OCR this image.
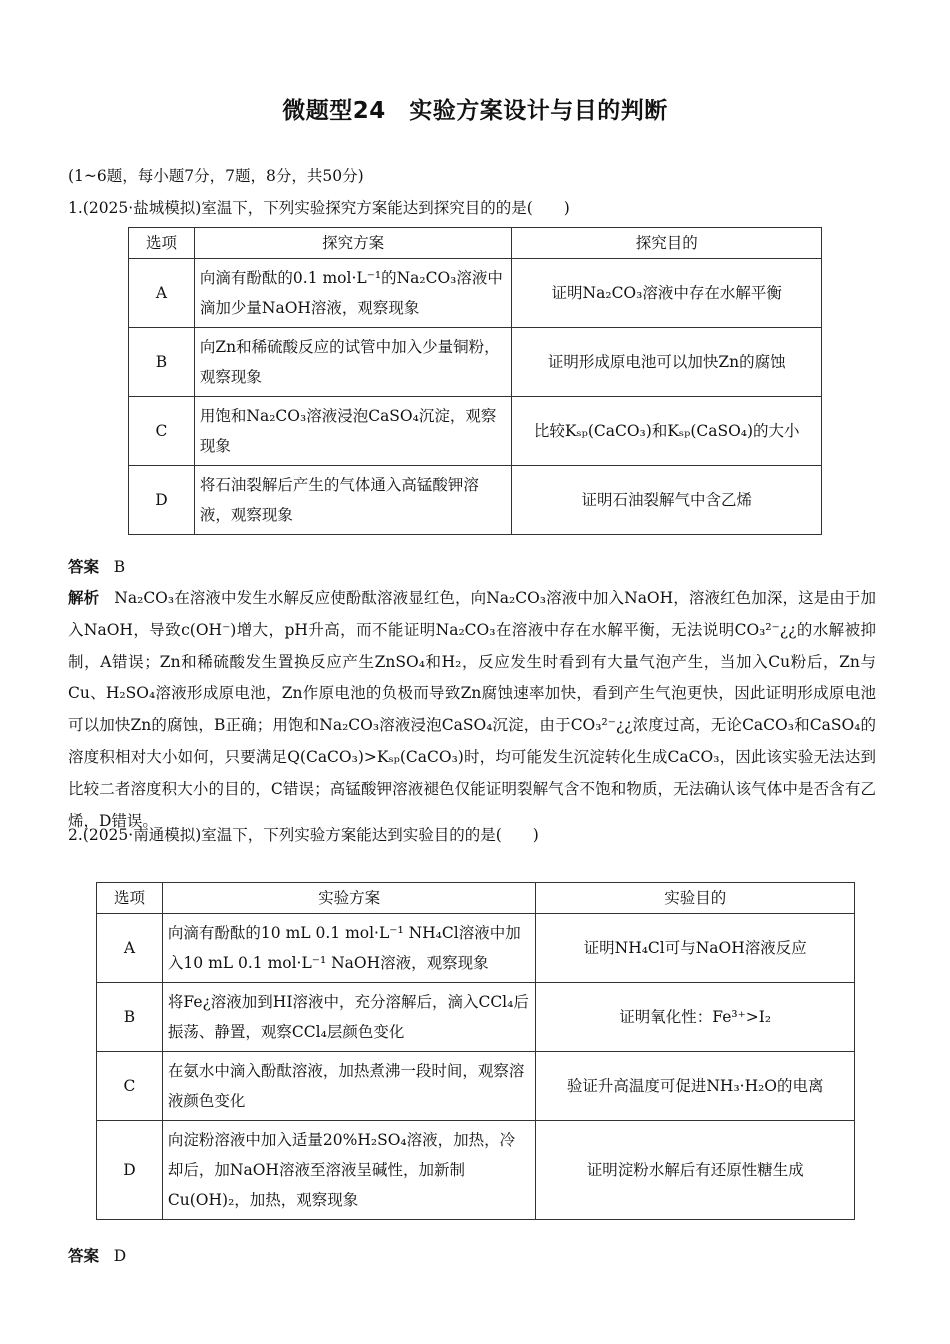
微题型24　实验方案设计与目的判断
(1~6题，每小题7分，7题，8分，共50分)
1.(2025·盐城模拟)室温下，下列实验探究方案能达到探究目的的是(　　)
选项	探究方案	探究目的
A	向滴有酚酞的0.1 mol·L⁻¹的Na₂CO₃溶液中滴加少量NaOH溶液，观察现象	证明Na₂CO₃溶液中存在水解平衡
B	向Zn和稀硫酸反应的试管中加入少量铜粉，观察现象	证明形成原电池可以加快Zn的腐蚀
C	用饱和Na₂CO₃溶液浸泡CaSO₄沉淀，观察现象	比较Kₛₚ(CaCO₃)和Kₛₚ(CaSO₄)的大小
D	将石油裂解后产生的气体通入高锰酸钾溶液，观察现象	证明石油裂解气中含乙烯
答案 B
解析 Na₂CO₃在溶液中发生水解反应使酚酞溶液显红色，向Na₂CO₃溶液中加入NaOH，溶液红色加深，这是由于加入NaOH，导致c(OH⁻)增大，pH升高，而不能证明Na₂CO₃在溶液中存在水解平衡，无法说明CO₃²⁻¿¿的水解被抑制，A错误；Zn和稀硫酸发生置换反应产生ZnSO₄和H₂，反应发生时看到有大量气泡产生，当加入Cu粉后，Zn与Cu、H₂SO₄溶液形成原电池，Zn作原电池的负极而导致Zn腐蚀速率加快，看到产生气泡更快，因此证明形成原电池可以加快Zn的腐蚀，B正确；用饱和Na₂CO₃溶液浸泡CaSO₄沉淀，由于CO₃²⁻¿¿浓度过高，无论CaCO₃和CaSO₄的溶度积相对大小如何，只要满足Q(CaCO₃)>Kₛₚ(CaCO₃)时，均可能发生沉淀转化生成CaCO₃，因此该实验无法达到比较二者溶度积大小的目的，C错误；高锰酸钾溶液褪色仅能证明裂解气含不饱和物质，无法确认该气体中是否含有乙烯，D错误。
2.(2025·南通模拟)室温下，下列实验方案能达到实验目的的是(　　)
选项	实验方案	实验目的
A	向滴有酚酞的10 mL 0.1 mol·L⁻¹ NH₄Cl溶液中加入10 mL 0.1 mol·L⁻¹ NaOH溶液，观察现象	证明NH₄Cl可与NaOH溶液反应
B	将Fe¿溶液加到HI溶液中，充分溶解后，滴入CCl₄后振荡、静置，观察CCl₄层颜色变化	证明氧化性：Fe³⁺>I₂
C	在氨水中滴入酚酞溶液，加热煮沸一段时间，观察溶液颜色变化	验证升高温度可促进NH₃·H₂O的电离
D	向淀粉溶液中加入适量20%H₂SO₄溶液，加热，冷却后，加NaOH溶液至溶液呈碱性，加新制Cu(OH)₂，加热，观察现象	证明淀粉水解后有还原性糖生成
答案 D
